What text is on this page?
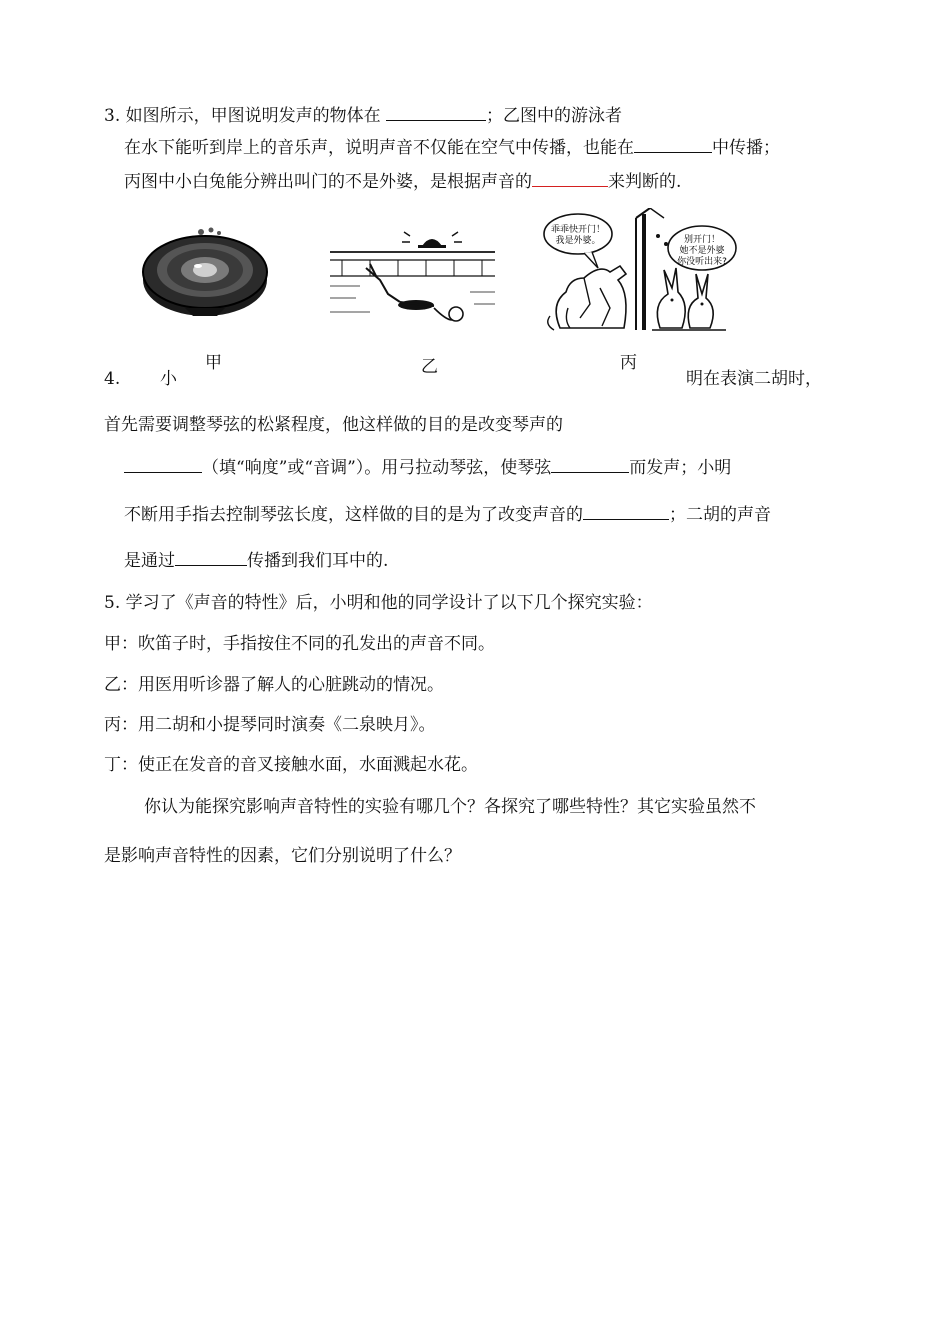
3. 如图所示，甲图说明发声的物体在	；乙图中的游泳者
在水下能听到岸上的音乐声，说明声音不仅能在空气中传播，也能在	中传播；
丙图中小白兔能分辨出叫门的不是外婆，是根据声音的	来判断的.
甲	乙
乖乖快开门！
我是外婆。	别开门！
她不是外婆
你没听出来?
丙
4. 小	明在表演二胡时，
首先需要调整琴弦的松紧程度，他这样做的目的是改变琴声的
（填“响度”或“音调”）。用弓拉动琴弦，使琴弦	而发声；小明
不断用手指去控制琴弦长度，这样做的目的是为了改变声音的	；二胡的声音
是通过	传播到我们耳中的.
5. 学习了《声音的特性》后，小明和他的同学设计了以下几个探究实验：
甲：吹笛子时，手指按住不同的孔发出的声音不同。
乙：用医用听诊器了解人的心脏跳动的情况。
丙：用二胡和小提琴同时演奏《二泉映月》。
丁：使正在发音的音叉接触水面，水面溅起水花。
你认为能探究影响声音特性的实验有哪几个？各探究了哪些特性？其它实验虽然不
是影响声音特性的因素，它们分别说明了什么？
